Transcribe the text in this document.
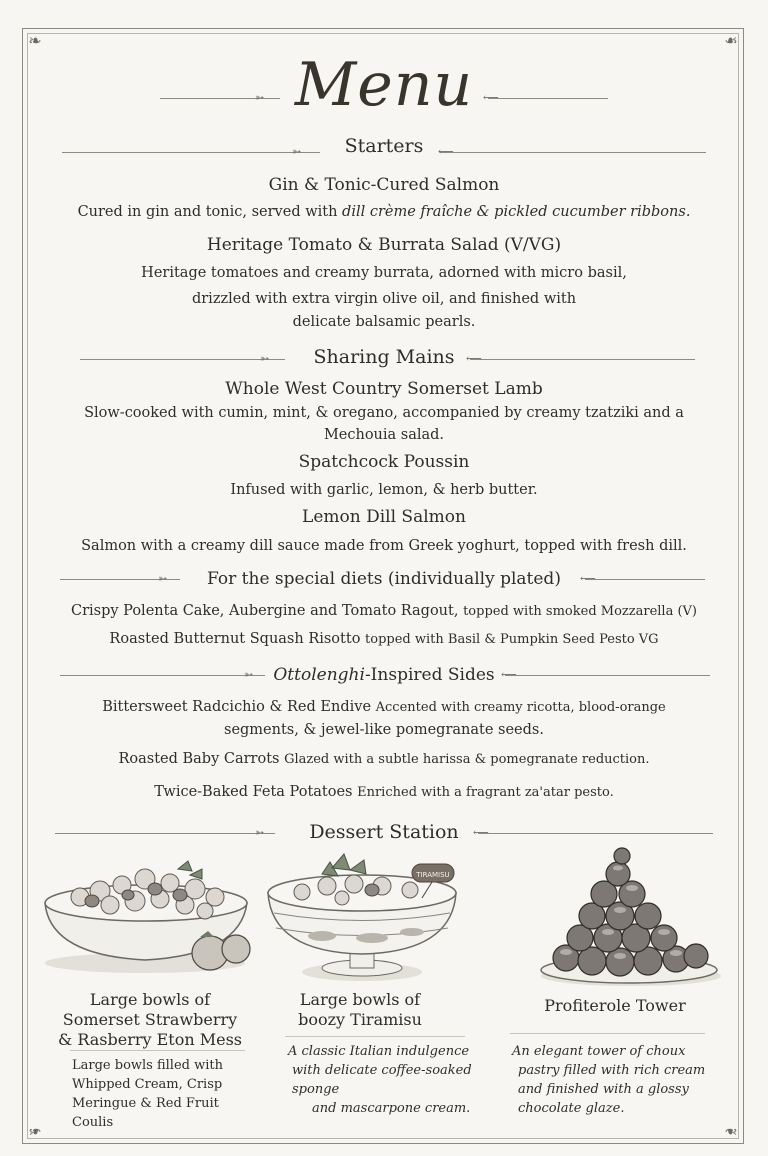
❧	❧
❧	❧
➳ Menu ⟵
➳	Starters	⟵
Gin & Tonic-Cured Salmon
Cured in gin and tonic, served with dill crème fraîche & pickled cucumber ribbons.
Heritage Tomato & Burrata Salad (V/VG)
Heritage tomatoes and creamy burrata, adorned with micro basil,
drizzled with extra virgin olive oil, and finished with
delicate balsamic pearls.
➳	Sharing Mains	⟵
Whole West Country Somerset Lamb
Slow-cooked with cumin, mint, & oregano, accompanied by creamy tzatziki and a
Mechouia salad.
Spatchcock Poussin
Infused with garlic, lemon, & herb butter.
Lemon Dill Salmon
Salmon with a creamy dill sauce made from Greek yoghurt, topped with fresh dill.
➳	For the special diets (individually plated)	⟵
Crispy Polenta Cake, Aubergine and Tomato Ragout, topped with smoked Mozzarella (V)
Roasted Butternut Squash Risotto topped with Basil & Pumpkin Seed Pesto VG
➳	Ottolenghi-Inspired Sides ⟵
Bittersweet Radcichio & Red Endive Accented with creamy ricotta, blood-orange
segments, & jewel-like pomegranate seeds.
Roasted Baby Carrots Glazed with a subtle harissa & pomegranate reduction.
Twice-Baked Feta Potatoes Enriched with a fragrant za'atar pesto.
➳	Dessert Station	⟵
TIRAMISU
Large bowls of
Somerset Strawberry
& Rasberry Eton Mess
Large bowls of
boozy Tiramisu
Profiterole Tower
Large bowls filled with
Whipped Cream, Crisp
Meringue & Red Fruit Coulis
A classic Italian indulgence
with delicate coffee-soaked sponge
and mascarpone cream.
An elegant tower of choux
pastry filled with rich cream
and finished with a glossy
chocolate glaze.
